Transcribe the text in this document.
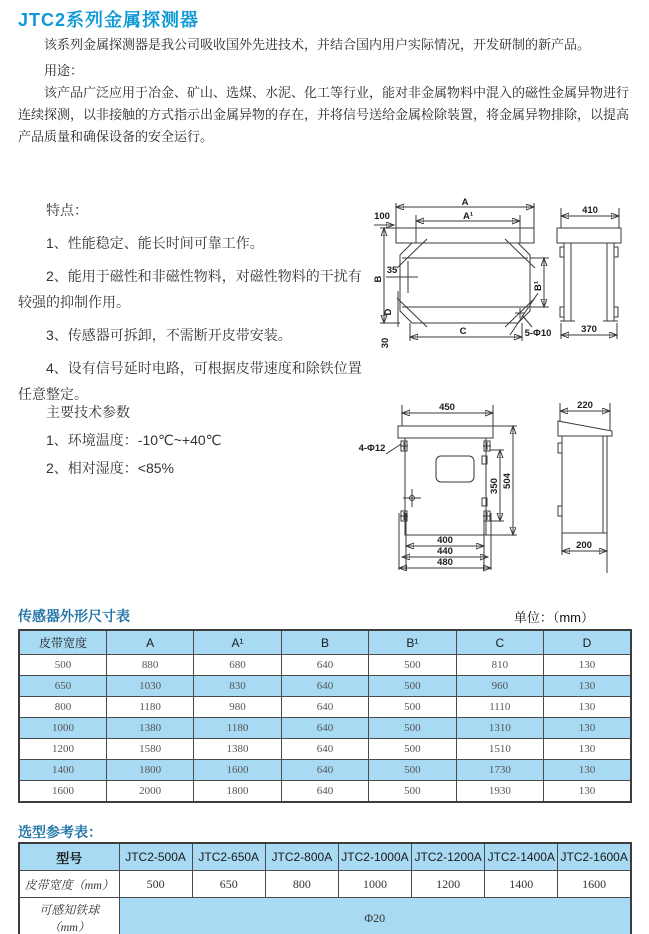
JTC2系列金属探测器

该系列金属探测器是我公司吸收国外先进技术，并结合国内用户实际情况，开发研制的新产品。

用途：

该产品广泛应用于冶金、矿山、选煤、水泥、化工等行业，能对非金属物料中混入的磁性金属异物进行连续探测，以非接触的方式指示出金属异物的存在，并将信号送给金属检除装置，将金属异物排除，以提高产品质量和确保设备的安全运行。

特点：

1、性能稳定、能长时间可靠工作。

2、能用于磁性和非磁性物料，对磁性物料的干扰有较强的抑制作用。

3、传感器可拆卸，不需断开皮带安装。

4、设有信号延时电路，可根据皮带速度和除铁位置任意整定。

主要技术参数

1、环境温度：-10℃~+40℃

2、相对湿度：<85%

A
A¹
100
B
B¹
35
D
30
C	5-Φ10
410
370
450
4-Φ12
350 504
400
440
480
220
200
传感器外形尺寸表	单位：（mm）
皮带宽度	A	A¹	B	B¹	C	D
500	880	680	640	500	810	130
650	1030	830	640	500	960	130
800	1180	980	640	500	1110	130
1000	1380	1180	640	500	1310	130
1200	1580	1380	640	500	1510	130
1400	1800	1600	640	500	1730	130
1600	2000	1800	640	500	1930	130
选型参考表：
型号	JTC2-500A	JTC2-650A	JTC2-800A	JTC2-1000A	JTC2-1200A	JTC2-1400A	JTC2-1600A
皮带宽度（mm）	500	650	800	1000	1200	1400	1600
可感知铁球（mm）	Φ20						
